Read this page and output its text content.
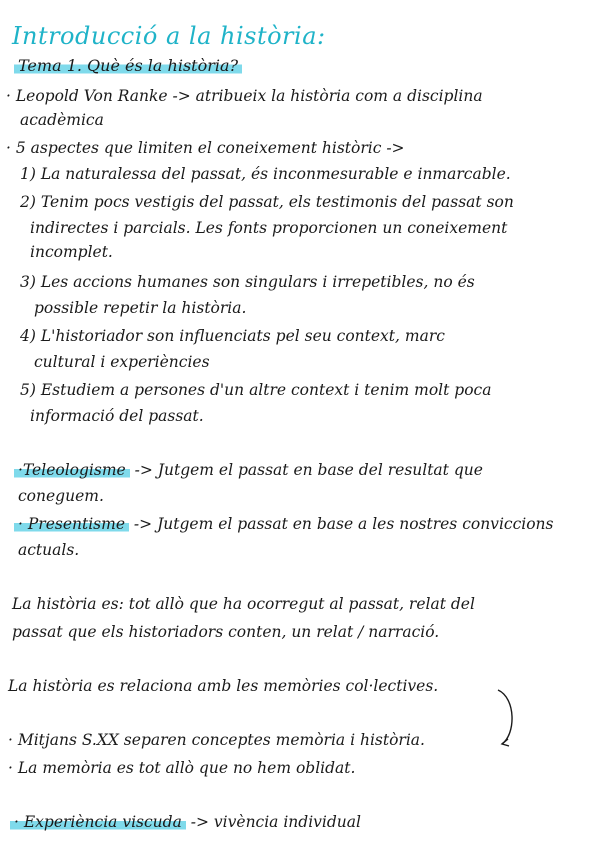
Introducció a la història:
Tema 1. Què és la història?
· Leopold Von Ranke -> atribueix la història com a disciplina
acadèmica
· 5 aspectes que limiten el coneixement històric ->
1) La naturalessa del passat, és inconmesurable e inmarcable.
2) Tenim pocs vestigis del passat, els testimonis del passat son
indirectes i parcials. Les fonts proporcionen un coneixement
incomplet.
3) Les accions humanes son singulars i irrepetibles, no és
possible repetir la història.
4) L'historiador son influenciats pel seu context, marc
cultural i experiències
5) Estudiem a persones d'un altre context i tenim molt poca
informació del passat.
·Teleologisme -> Jutgem el passat en base del resultat que
coneguem.
· Presentisme -> Jutgem el passat en base a les nostres conviccions
actuals.
La història es: tot allò que ha ocorregut al passat, relat del
passat que els historiadors conten, un relat / narració.
La història es relaciona amb les memòries col·lectives.
· Mitjans S.XX separen conceptes memòria i història.
· La memòria es tot allò que no hem oblidat.
· Experiència viscuda -> vivència individual
